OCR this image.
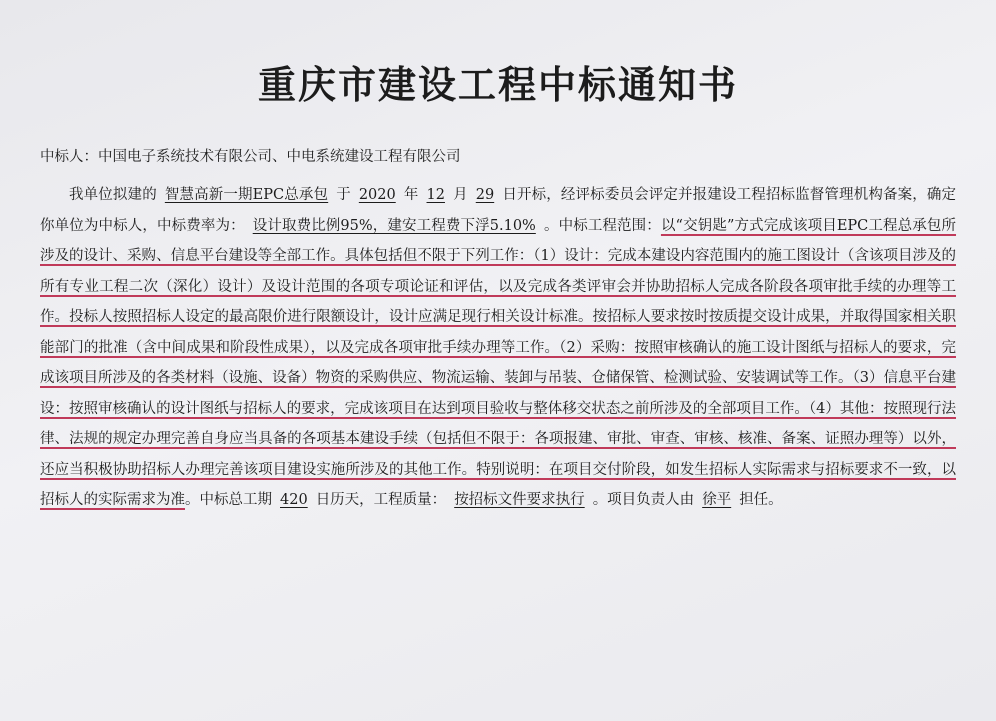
重庆市建设工程中标通知书

中标人：中国电子系统技术有限公司、中电系统建设工程有限公司

我单位拟建的 智慧高新一期EPC总承包 于 2020 年 12 月 29 日开标，经评标委员会评定并报建设工程招标监督管理机构备案，确定你单位为中标人，中标费率为： 设计取费比例95%，建安工程费下浮5.10% 。中标工程范围：以“交钥匙”方式完成该项目EPC工程总承包所涉及的设计、采购、信息平台建设等全部工作。具体包括但不限于下列工作：（1）设计：完成本建设内容范围内的施工图设计（含该项目涉及的所有专业工程二次（深化）设计）及设计范围的各项专项论证和评估，以及完成各类评审会并协助招标人完成各阶段各项审批手续的办理等工作。投标人按照招标人设定的最高限价进行限额设计，设计应满足现行相关设计标准。按招标人要求按时按质提交设计成果，并取得国家相关职能部门的批准（含中间成果和阶段性成果），以及完成各项审批手续办理等工作。（2）采购：按照审核确认的施工设计图纸与招标人的要求，完成该项目所涉及的各类材料（设施、设备）物资的采购供应、物流运输、装卸与吊装、仓储保管、检测试验、安装调试等工作。（3）信息平台建设：按照审核确认的设计图纸与招标人的要求，完成该项目在达到项目验收与整体移交状态之前所涉及的全部项目工作。（4）其他：按照现行法律、法规的规定办理完善自身应当具备的各项基本建设手续（包括但不限于：各项报建、审批、审查、审核、核准、备案、证照办理等）以外，还应当积极协助招标人办理完善该项目建设实施所涉及的其他工作。特别说明：在项目交付阶段，如发生招标人实际需求与招标要求不一致，以招标人的实际需求为准。中标总工期 420 日历天，工程质量： 按招标文件要求执行 。项目负责人由 徐平 担任。
